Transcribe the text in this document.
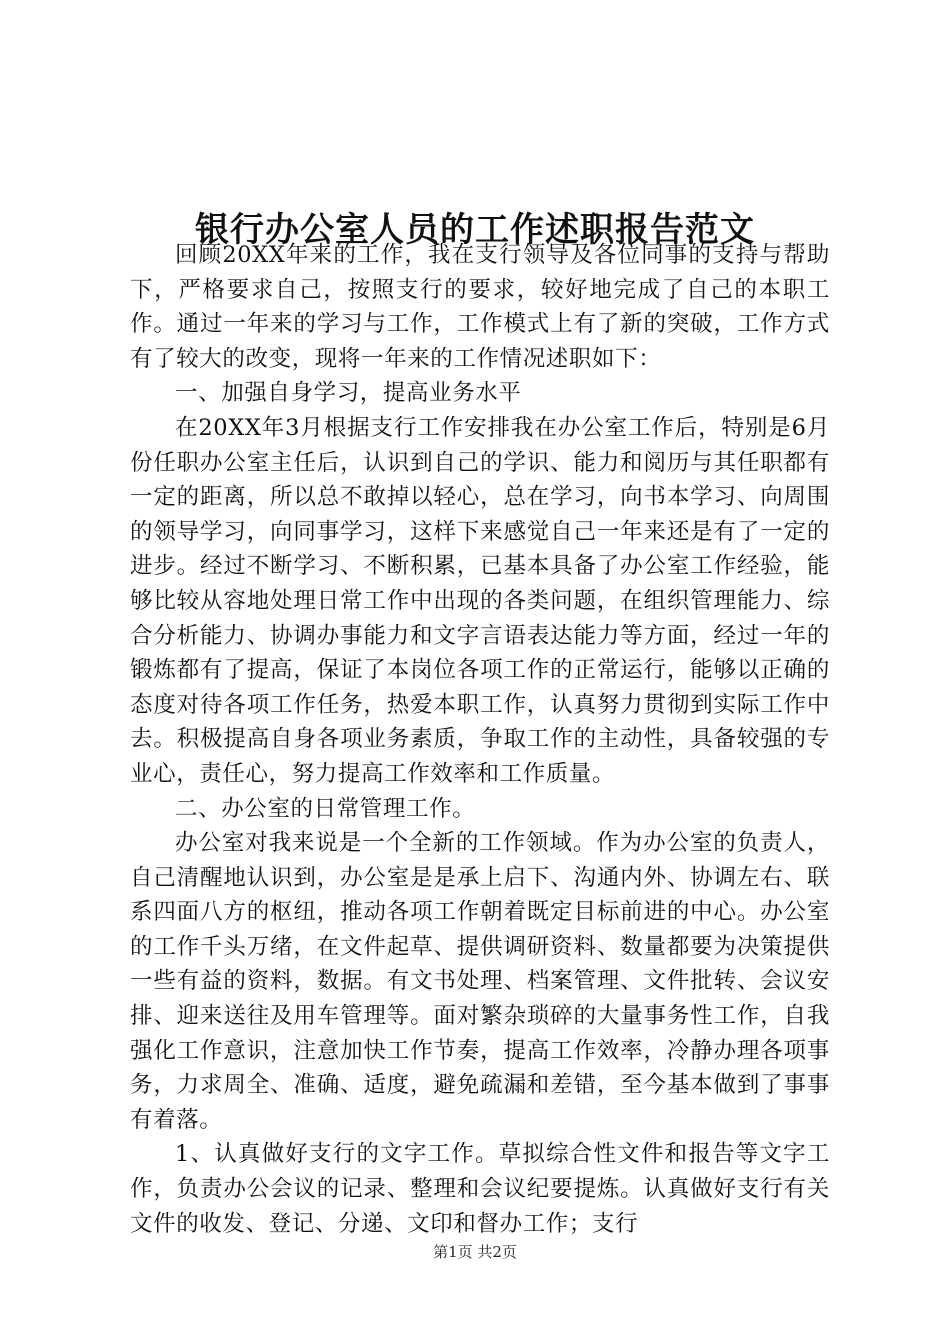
银行办公室人员的工作述职报告范文

回顾20XX年来的工作，我在支行领导及各位同事的支持与帮助下，严格要求自己，按照支行的要求，较好地完成了自己的本职工作。通过一年来的学习与工作，工作模式上有了新的突破，工作方式有了较大的改变，现将一年来的工作情况述职如下：

一、加强自身学习，提高业务水平

在20XX年3月根据支行工作安排我在办公室工作后，特别是6月份任职办公室主任后，认识到自己的学识、能力和阅历与其任职都有一定的距离，所以总不敢掉以轻心，总在学习，向书本学习、向周围的领导学习，向同事学习，这样下来感觉自己一年来还是有了一定的进步。经过不断学习、不断积累，已基本具备了办公室工作经验，能够比较从容地处理日常工作中出现的各类问题，在组织管理能力、综合分析能力、协调办事能力和文字言语表达能力等方面，经过一年的锻炼都有了提高，保证了本岗位各项工作的正常运行，能够以正确的态度对待各项工作任务，热爱本职工作，认真努力贯彻到实际工作中去。积极提高自身各项业务素质，争取工作的主动性，具备较强的专业心，责任心，努力提高工作效率和工作质量。

二、办公室的日常管理工作。

办公室对我来说是一个全新的工作领域。作为办公室的负责人，自己清醒地认识到，办公室是是承上启下、沟通内外、协调左右、联系四面八方的枢纽，推动各项工作朝着既定目标前进的中心。办公室的工作千头万绪，在文件起草、提供调研资料、数量都要为决策提供一些有益的资料，数据。有文书处理、档案管理、文件批转、会议安排、迎来送往及用车管理等。面对繁杂琐碎的大量事务性工作，自我强化工作意识，注意加快工作节奏，提高工作效率，冷静办理各项事务，力求周全、准确、适度，避免疏漏和差错，至今基本做到了事事有着落。

1、认真做好支行的文字工作。草拟综合性文件和报告等文字工作，负责办公会议的记录、整理和会议纪要提炼。认真做好支行有关文件的收发、登记、分递、文印和督办工作；支行

第1页 共2页
